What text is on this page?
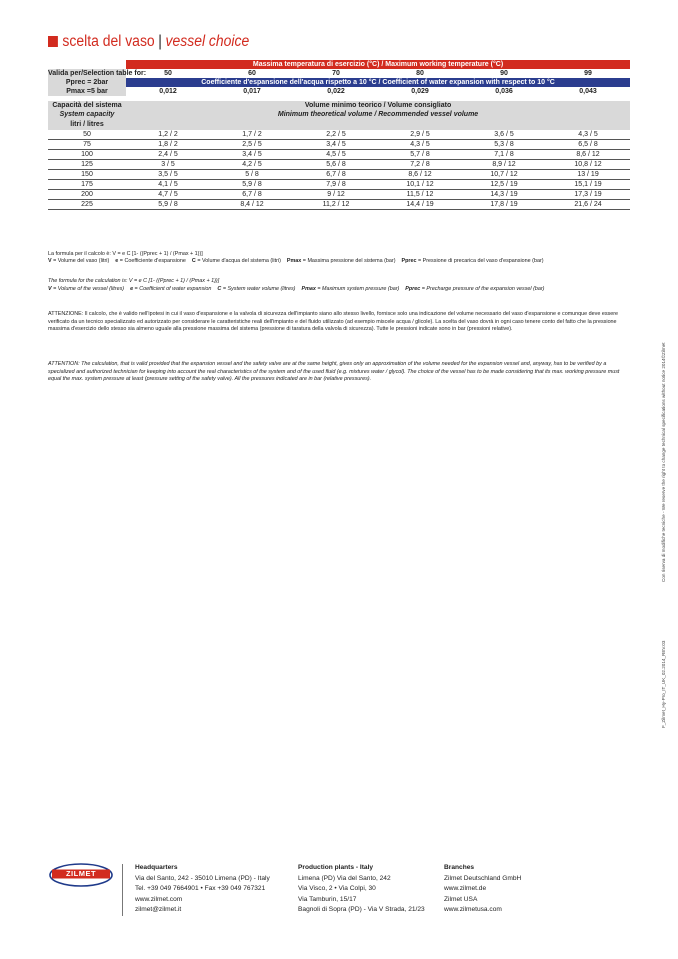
scelta del vaso | vessel choice
	Massima temperatura di esercizio (°C) / Maximum working temperature (°C)					
Valida per/Selection table for:	50	60	70	80	90	99
Pprec = 2bar	Coefficiente d'espansione dell'acqua rispetto a 10 °C / Coefficient of water expansion with respect to 10 °C					
Pmax =5 bar	0,012	0,017	0,022	0,029	0,036	0,043

Capacità del sistema	Volume minimo teorico / Volume consigliato					
System capacity	Minimum theoretical volume / Recommended vessel volume					
litri / litres						
50	1,2 / 2	1,7 / 2	2,2 / 5	2,9 / 5	3,6 / 5	4,3 / 5
75	1,8 / 2	2,5 / 5	3,4 / 5	4,3 / 5	5,3 / 8	6,5 / 8
100	2,4 / 5	3,4 / 5	4,5 / 5	5,7 / 8	7,1 / 8	8,6 / 12
125	3 / 5	4,2 / 5	5,6 / 8	7,2 / 8	8,9 / 12	10,8 / 12
150	3,5 / 5	5 / 8	6,7 / 8	8,6 / 12	10,7 / 12	13 / 19
175	4,1 / 5	5,9 / 8	7,9 / 8	10,1 / 12	12,5 / 19	15,1 / 19
200	4,7 / 5	6,7 / 8	9 / 12	11,5 / 12	14,3 / 19	17,3 / 19
225	5,9 / 8	8,4 / 12	11,2 / 12	14,4 / 19	17,8 / 19	21,6 / 24
La formula per il calcolo è: V = e C [1- ((Pprec + 1) / (Pmax + 1))]
V = Volume del vaso (litri) e = Coefficiente d'espansione C = Volume d'acqua del sistema (litri) Pmax = Massima pressione del sistema (bar) Pprec = Pressione di precarica del vaso d'espansione (bar)
The formula for the calculation is: V = e C [1- ((Pprec + 1) / (Pmax + 1))]
V = Volume of the vessel (litres) e = Coefficient of water expansion C = System water volume (litres) Pmax = Maximum system pressure (bar) Pprec = Precharge pressure of the expansion vessel (bar)
ATTENZIONE: Il calcolo, che è valido nell'ipotesi in cui il vaso d'espansione e la valvola di sicurezza dell'impianto siano allo stesso livello, fornisce solo una indicazione del volume necessario del vaso d'espansione e comunque deve essere verificato da un tecnico specializzato ed autorizzato per considerare le caratteristiche reali dell'impianto e del fluido utilizzato (ad esempio miscele acqua / glicole). La scelta del vaso dovrà in ogni caso tenere conto del fatto che la pressione massima d'esercizio dello stesso sia almeno uguale alla pressione massima del sistema (pressione di taratura della valvola di sicurezza). Tutte le pressioni indicate sono in bar (pressioni relative).
ATTENTION: The calculation, that is valid provided that the expansion vessel and the safety valve are at the same height, gives only an approximation of the volume needed for the expansion vessel and, anyway, has to be verified by a specialized and authorized technician for keeping into account the real characteristics of the system and of the used fluid (e.g. mixtures water / glycol). The choice of the vessel has to be made considering that its max. working pressure must equal the max. system pressure at least (pressure setting of the safety valve). All the pressures indicated are in bar (relative pressures).	Con riserva di modifiche tecniche - We reserve the right to change technical specifications without notice 2014©Zilmet
F_Zilmet_Hy-Pro_IT_UK_02.2014_REV.03
ZILMET
Headquarters
Via del Santo, 242 - 35010 Limena (PD) - Italy
Tel. +39 049 7664901 • Fax +39 049 767321
www.zilmet.com
zilmet@zilmet.it
Production plants - Italy
Limena (PD) Via del Santo, 242
Via Visco, 2 • Via Colpi, 30
Via Tamburin, 15/17
Bagnoli di Sopra (PD) - Via V Strada, 21/23
Branches
Zilmet Deutschland GmbH
www.zilmet.de
Zilmet USA
www.zilmetusa.com
